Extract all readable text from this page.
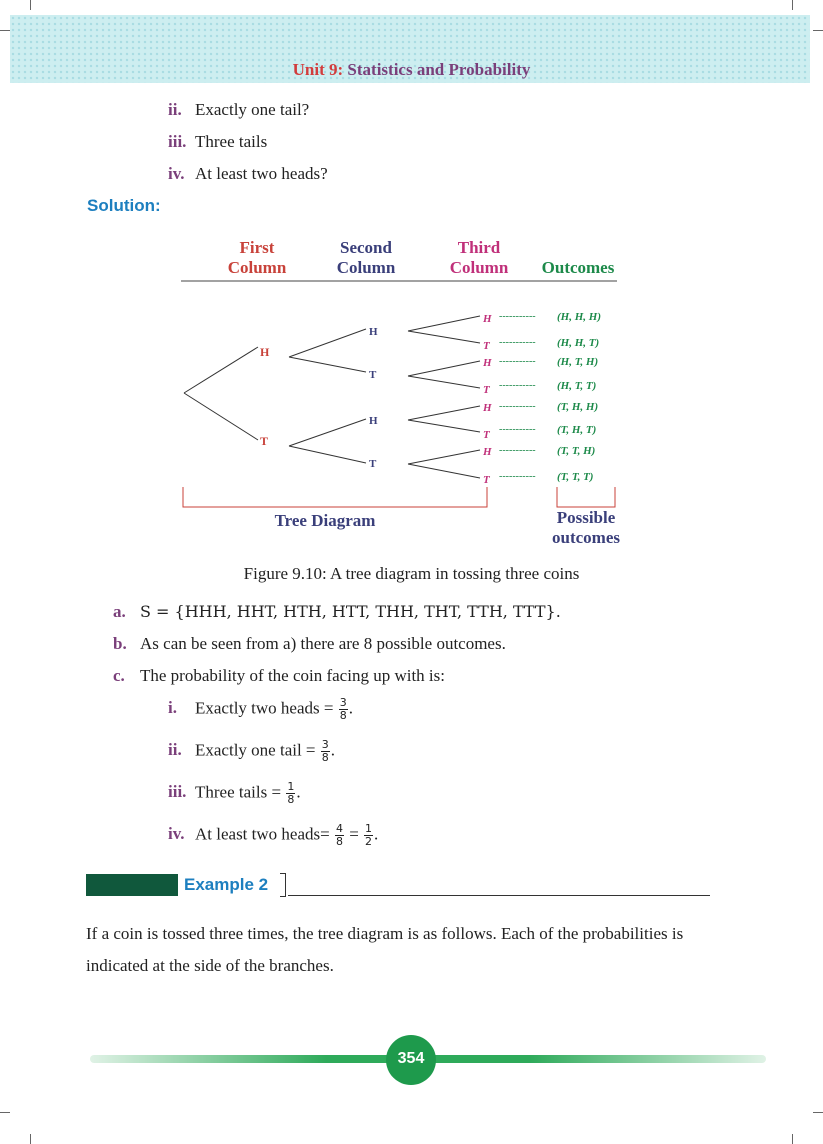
Unit 9: Statistics and Probability
ii. Exactly one tail?
iii. Three tails
iv. At least two heads?
Solution:
First
Column
Second
Column
Third
Column Outcomes
H
T
H
T
H
T
H
T
H
T
H
T
H
T
-----------
-----------
-----------
-----------
-----------
-----------
-----------
-----------
(H, H, H)
(H, H, T)
(H, T, H)
(H, T, T)
(T, H, H)
(T, H, T)
(T, T, H)
(T, T, T)
Tree Diagram	Possible
outcomes
Figure 9.10: A tree diagram in tossing three coins
a. S = {HHH, HHT, HTH, HTT, THH, THT, TTH, TTT}.
b. As can be seen from a) there are 8 possible outcomes.
c. The probability of the coin facing up with is:
i. Exactly two heads = $\frac{3}{8}$ .
ii. Exactly one tail = $\frac{3}{8}$ .
iii. Three tails = $\frac{1}{8}$ .
iv. At least two heads= $\frac{4}{8} = \frac{1}{2}$ .
Example 2
If a coin is tossed three times, the tree diagram is as follows. Each of the probabilities is indicated at the side of the branches.
354
